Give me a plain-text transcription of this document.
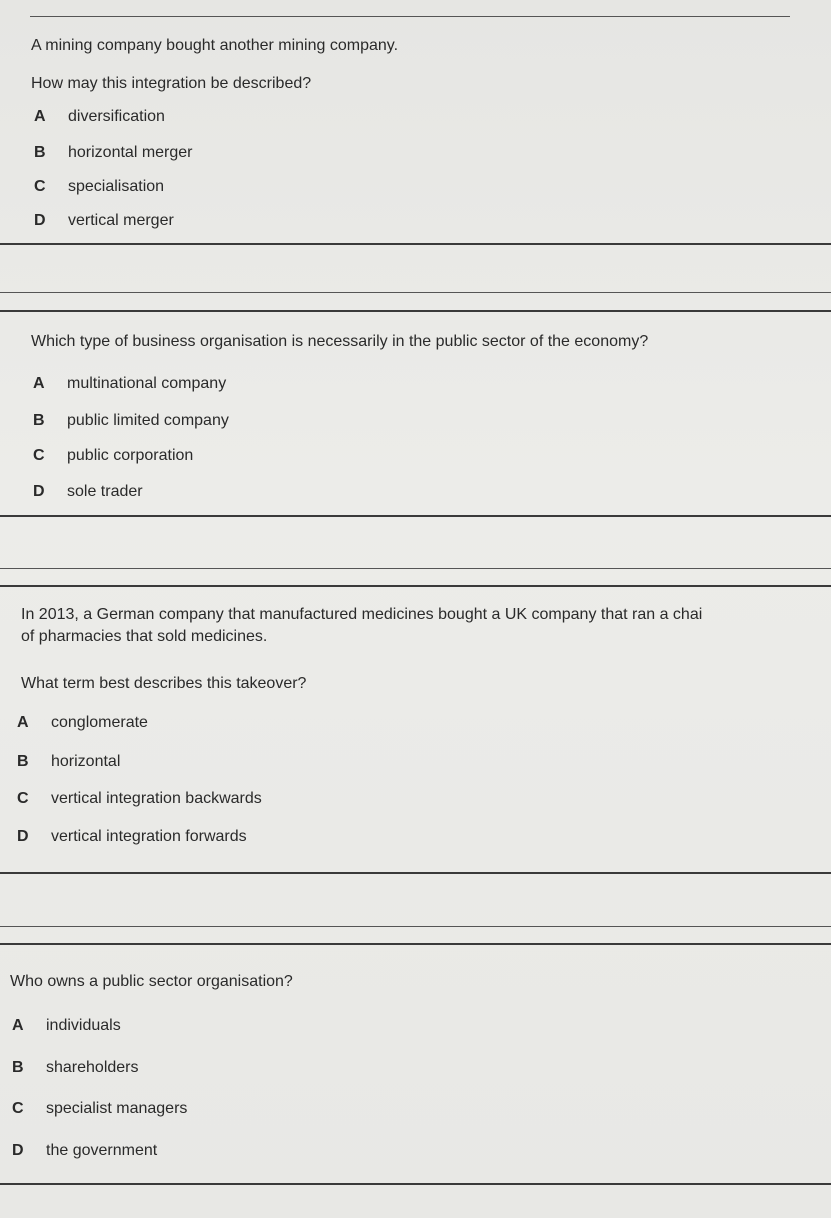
A mining company bought another mining company.
How may this integration be described?
A diversification
B horizontal merger
C specialisation
D vertical merger
Which type of business organisation is necessarily in the public sector of the economy?
A multinational company
B public limited company
C public corporation
D sole trader
In 2013, a German company that manufactured medicines bought a UK company that ran a chai
of pharmacies that sold medicines.
What term best describes this takeover?
A conglomerate
B horizontal
C vertical integration backwards
D vertical integration forwards
Who owns a public sector organisation?
A individuals
B shareholders
C specialist managers
D the government
